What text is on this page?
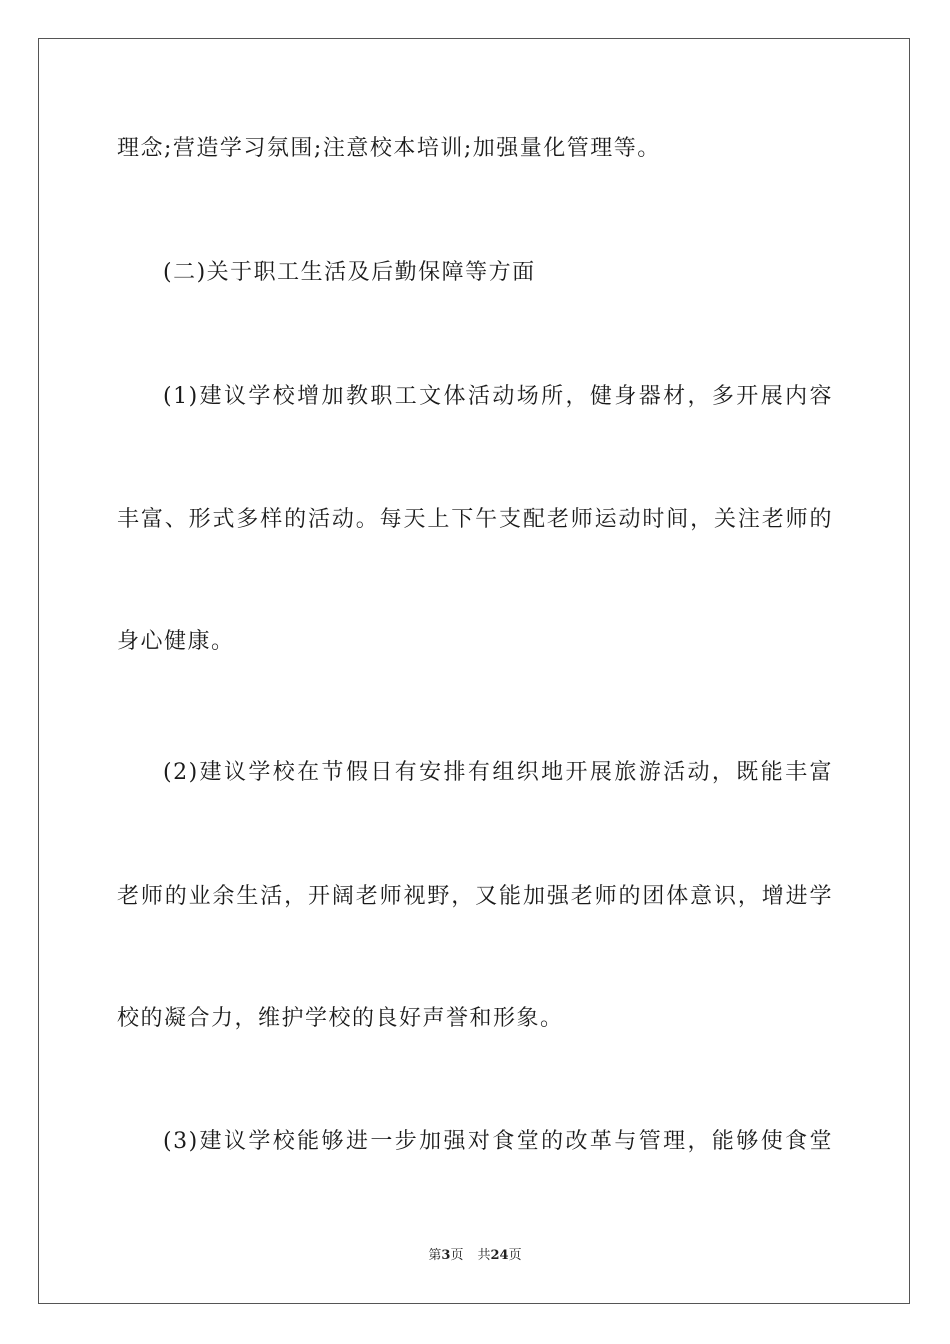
理念;营造学习氛围;注意校本培训;加强量化管理等。
(二)关于职工生活及后勤保障等方面
(1)建议学校增加教职工文体活动场所，健身器材，多开展内容
丰富、形式多样的活动。每天上下午支配老师运动时间，关注老师的
身心健康。
(2)建议学校在节假日有安排有组织地开展旅游活动，既能丰富
老师的业余生活，开阔老师视野，又能加强老师的团体意识，增进学
校的凝合力，维护学校的良好声誉和形象。
(3)建议学校能够进一步加强对食堂的改革与管理，能够使食堂
第3页 共24页
